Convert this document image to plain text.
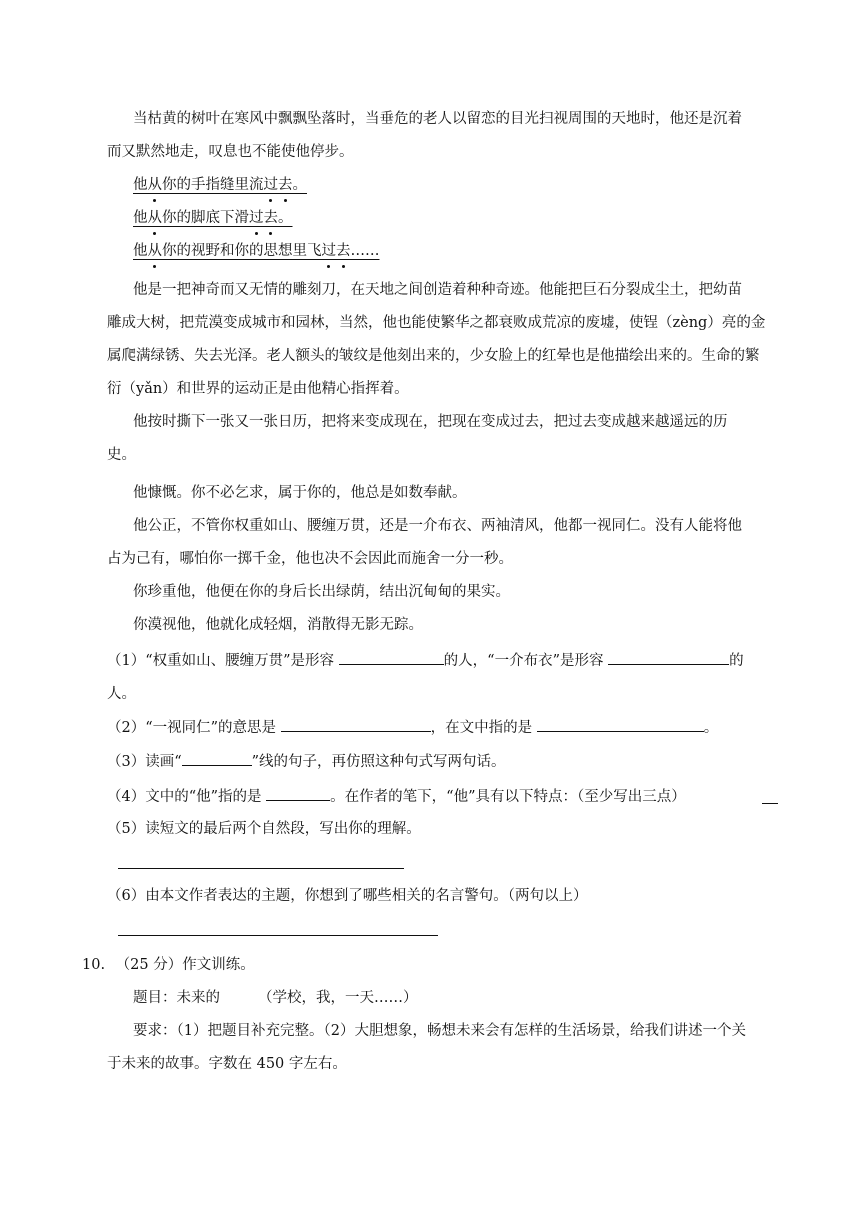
当枯黄的树叶在寒风中飘飘坠落时，当垂危的老人以留恋的目光扫视周围的天地时，他还是沉着
而又默然地走，叹息也不能使他停步。
他从你的手指缝里流过去。
他从你的脚底下滑过去。
他从你的视野和你的思想里飞过去……
他是一把神奇而又无情的雕刻刀，在天地之间创造着种种奇迹。他能把巨石分裂成尘土，把幼苗
雕成大树，把荒漠变成城市和园林，当然，他也能使繁华之都衰败成荒凉的废墟，使锃（zèng）亮的金
属爬满绿锈、失去光泽。老人额头的皱纹是他刻出来的，少女脸上的红晕也是他描绘出来的。生命的繁
衍（yǎn）和世界的运动正是由他精心指挥着。
他按时撕下一张又一张日历，把将来变成现在，把现在变成过去，把过去变成越来越遥远的历
史。
他慷慨。你不必乞求，属于你的，他总是如数奉献。
他公正，不管你权重如山、腰缠万贯，还是一介布衣、两袖清风，他都一视同仁。没有人能将他
占为己有，哪怕你一掷千金，他也决不会因此而施舍一分一秒。
你珍重他，他便在你的身后长出绿荫，结出沉甸甸的果实。
你漠视他，他就化成轻烟，消散得无影无踪。
（1）“权重如山、腰缠万贯”是形容	的人，“一介布衣”是形容	的
人。
（2）“一视同仁”的意思是	，在文中指的是	。
（3）读画“	”线的句子，再仿照这种句式写两句话。
（4）文中的“他”指的是	。在作者的笔下，“他”具有以下特点：（至少写出三点）
（5）读短文的最后两个自然段，写出你的理解。
（6）由本文作者表达的主题，你想到了哪些相关的名言警句。（两句以上）
10. （25 分）作文训练。
题目：未来的	（学校，我，一天……）
要求：（1）把题目补充完整。（2）大胆想象，畅想未来会有怎样的生活场景，给我们讲述一个关
于未来的故事。字数在 450 字左右。
